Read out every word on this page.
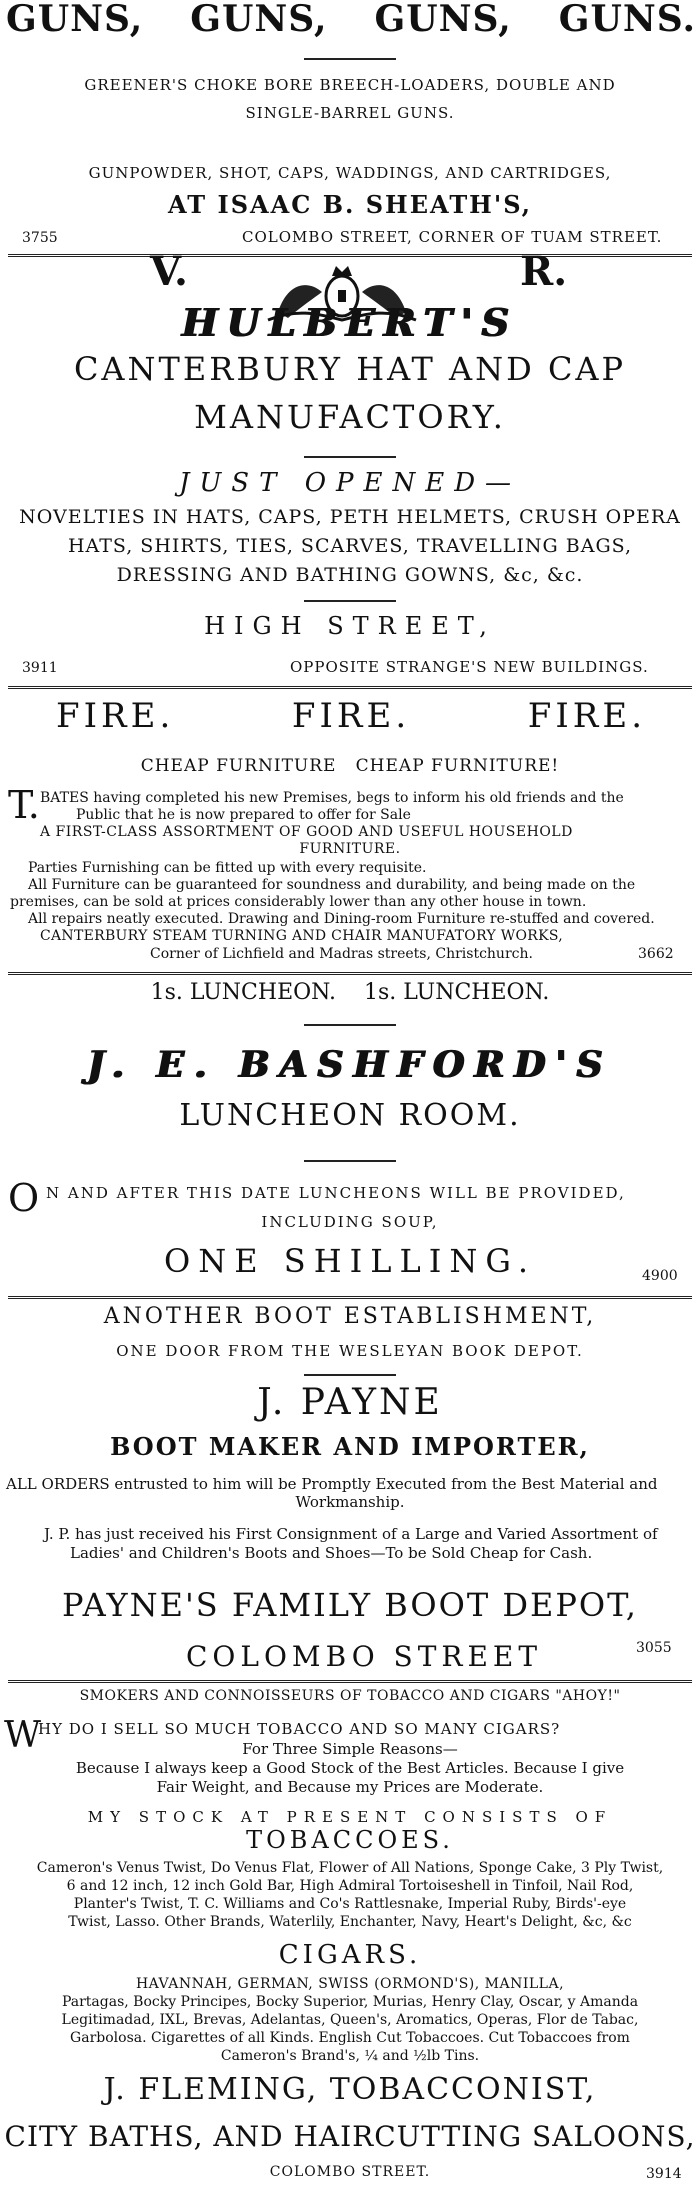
GUNS, GUNS, GUNS, GUNS.
GREENER'S CHOKE BORE BREECH-LOADERS, DOUBLE AND
SINGLE-BARREL GUNS.
GUNPOWDER, SHOT, CAPS, WADDINGS, AND CARTRIDGES,
AT ISAAC B. SHEATH'S,
3755	COLOMBO STREET, CORNER OF TUAM STREET.
V.	R.
HULBERT'S
CANTERBURY HAT AND CAP
MANUFACTORY.
JUST OPENED—
NOVELTIES IN HATS, CAPS, PETH HELMETS, CRUSH OPERA
HATS, SHIRTS, TIES, SCARVES, TRAVELLING BAGS,
DRESSING AND BATHING GOWNS, &c, &c.
HIGH STREET,
3911	OPPOSITE STRANGE'S NEW BUILDINGS.
FIRE.	FIRE.	FIRE.
CHEAP FURNITURE   CHEAP FURNITURE!
T. BATES having completed his new Premises, begs to inform his old friends and the
Public that he is now prepared to offer for Sale
A FIRST-CLASS ASSORTMENT OF GOOD AND USEFUL HOUSEHOLD
FURNITURE.
Parties Furnishing can be fitted up with every requisite.
All Furniture can be guaranteed for soundness and durability, and being made on the
premises, can be sold at prices considerably lower than any other house in town.
All repairs neatly executed. Drawing and Dining-room Furniture re-stuffed and covered.
CANTERBURY STEAM TURNING AND CHAIR MANUFATORY WORKS,
Corner of Lichfield and Madras streets, Christchurch.	3662
1s. LUNCHEON.    1s. LUNCHEON.
J. E. BASHFORD'S
LUNCHEON ROOM.
O N AND AFTER THIS DATE LUNCHEONS WILL BE PROVIDED,
INCLUDING SOUP,
ONE SHILLING.	4900
ANOTHER BOOT ESTABLISHMENT,
ONE DOOR FROM THE WESLEYAN BOOK DEPOT.
J. PAYNE
BOOT MAKER AND IMPORTER,
ALL ORDERS entrusted to him will be Promptly Executed from the Best Material and
Workmanship.
J. P. has just received his First Consignment of a Large and Varied Assortment of
Ladies' and Children's Boots and Shoes—To be Sold Cheap for Cash.
PAYNE'S FAMILY BOOT DEPOT,
COLOMBO STREET	3055
SMOKERS AND CONNOISSEURS OF TOBACCO AND CIGARS "AHOY!"
W
HY DO I SELL SO MUCH TOBACCO AND SO MANY CIGARS?
For Three Simple Reasons—
Because I always keep a Good Stock of the Best Articles. Because I give
Fair Weight, and Because my Prices are Moderate.
MY STOCK AT PRESENT CONSISTS OF
TOBACCOES.
Cameron's Venus Twist, Do Venus Flat, Flower of All Nations, Sponge Cake, 3 Ply Twist,
6 and 12 inch, 12 inch Gold Bar, High Admiral Tortoiseshell in Tinfoil, Nail Rod,
Planter's Twist, T. C. Williams and Co's Rattlesnake, Imperial Ruby, Birds'-eye
Twist, Lasso. Other Brands, Waterlily, Enchanter, Navy, Heart's Delight, &c, &c
CIGARS.
HAVANNAH, GERMAN, SWISS (ORMOND'S), MANILLA,
Partagas, Bocky Principes, Bocky Superior, Murias, Henry Clay, Oscar, y Amanda
Legitimadad, IXL, Brevas, Adelantas, Queen's, Aromatics, Operas, Flor de Tabac,
Garbolosa. Cigarettes of all Kinds. English Cut Tobaccoes. Cut Tobaccoes from
Cameron's Brand's, ¼ and ½lb Tins.
J. FLEMING, TOBACCONIST,
CITY BATHS, AND HAIRCUTTING SALOONS,
COLOMBO STREET.	3914
